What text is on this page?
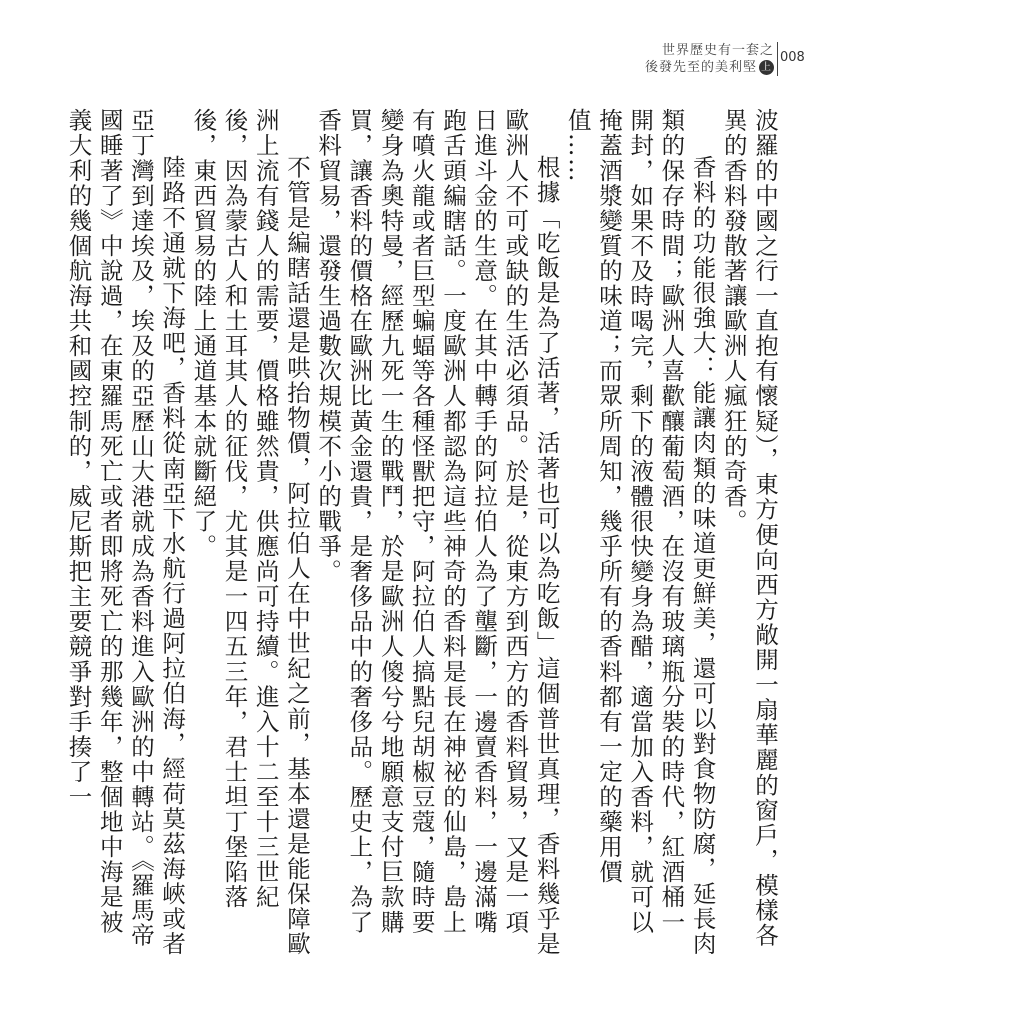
世界歷史有一套之
後發先至的美利堅 上
008

波羅的中國之行一直抱有懷疑），東方便向西方敞開一扇華麗的窗戶，模樣各異的香料發散著讓歐洲人瘋狂的奇香。

香料的功能很強大：能讓肉類的味道更鮮美，還可以對食物防腐，延長肉類的保存時間；歐洲人喜歡釀葡萄酒，在沒有玻璃瓶分裝的時代，紅酒桶一開封，如果不及時喝完，剩下的液體很快變身為醋，適當加入香料，就可以掩蓋酒漿變質的味道；而眾所周知，幾乎所有的香料都有一定的藥用價值……

根據「吃飯是為了活著，活著也可以為吃飯」這個普世真理，香料幾乎是歐洲人不可或缺的生活必須品。於是，從東方到西方的香料貿易，又是一項日進斗金的生意。在其中轉手的阿拉伯人為了壟斷，一邊賣香料，一邊滿嘴跑舌頭編瞎話。一度歐洲人都認為這些神奇的香料是長在神祕的仙島，島上有噴火龍或者巨型蝙蝠等各種怪獸把守，阿拉伯人搞點兒胡椒豆蔻，隨時要變身為奧特曼，經歷九死一生的戰鬥，於是歐洲人傻兮兮地願意支付巨款購買，讓香料的價格在歐洲比黃金還貴，是奢侈品中的奢侈品。歷史上，為了香料貿易，還發生過數次規模不小的戰爭。

不管是編瞎話還是哄抬物價，阿拉伯人在中世紀之前，基本還是能保障歐洲上流有錢人的需要，價格雖然貴，供應尚可持續。進入十二至十三世紀後，因為蒙古人和土耳其人的征伐，尤其是一四五三年，君士坦丁堡陷落後，東西貿易的陸上通道基本就斷絕了。

陸路不通就下海吧，香料從南亞下水航行過阿拉伯海，經荷莫茲海峽或者亞丁灣到達埃及，埃及的亞歷山大港就成為香料進入歐洲的中轉站。《羅馬帝國睡著了》中說過，在東羅馬死亡或者即將死亡的那幾年，整個地中海是被義大利的幾個航海共和國控制的，威尼斯把主要競爭對手揍了一
